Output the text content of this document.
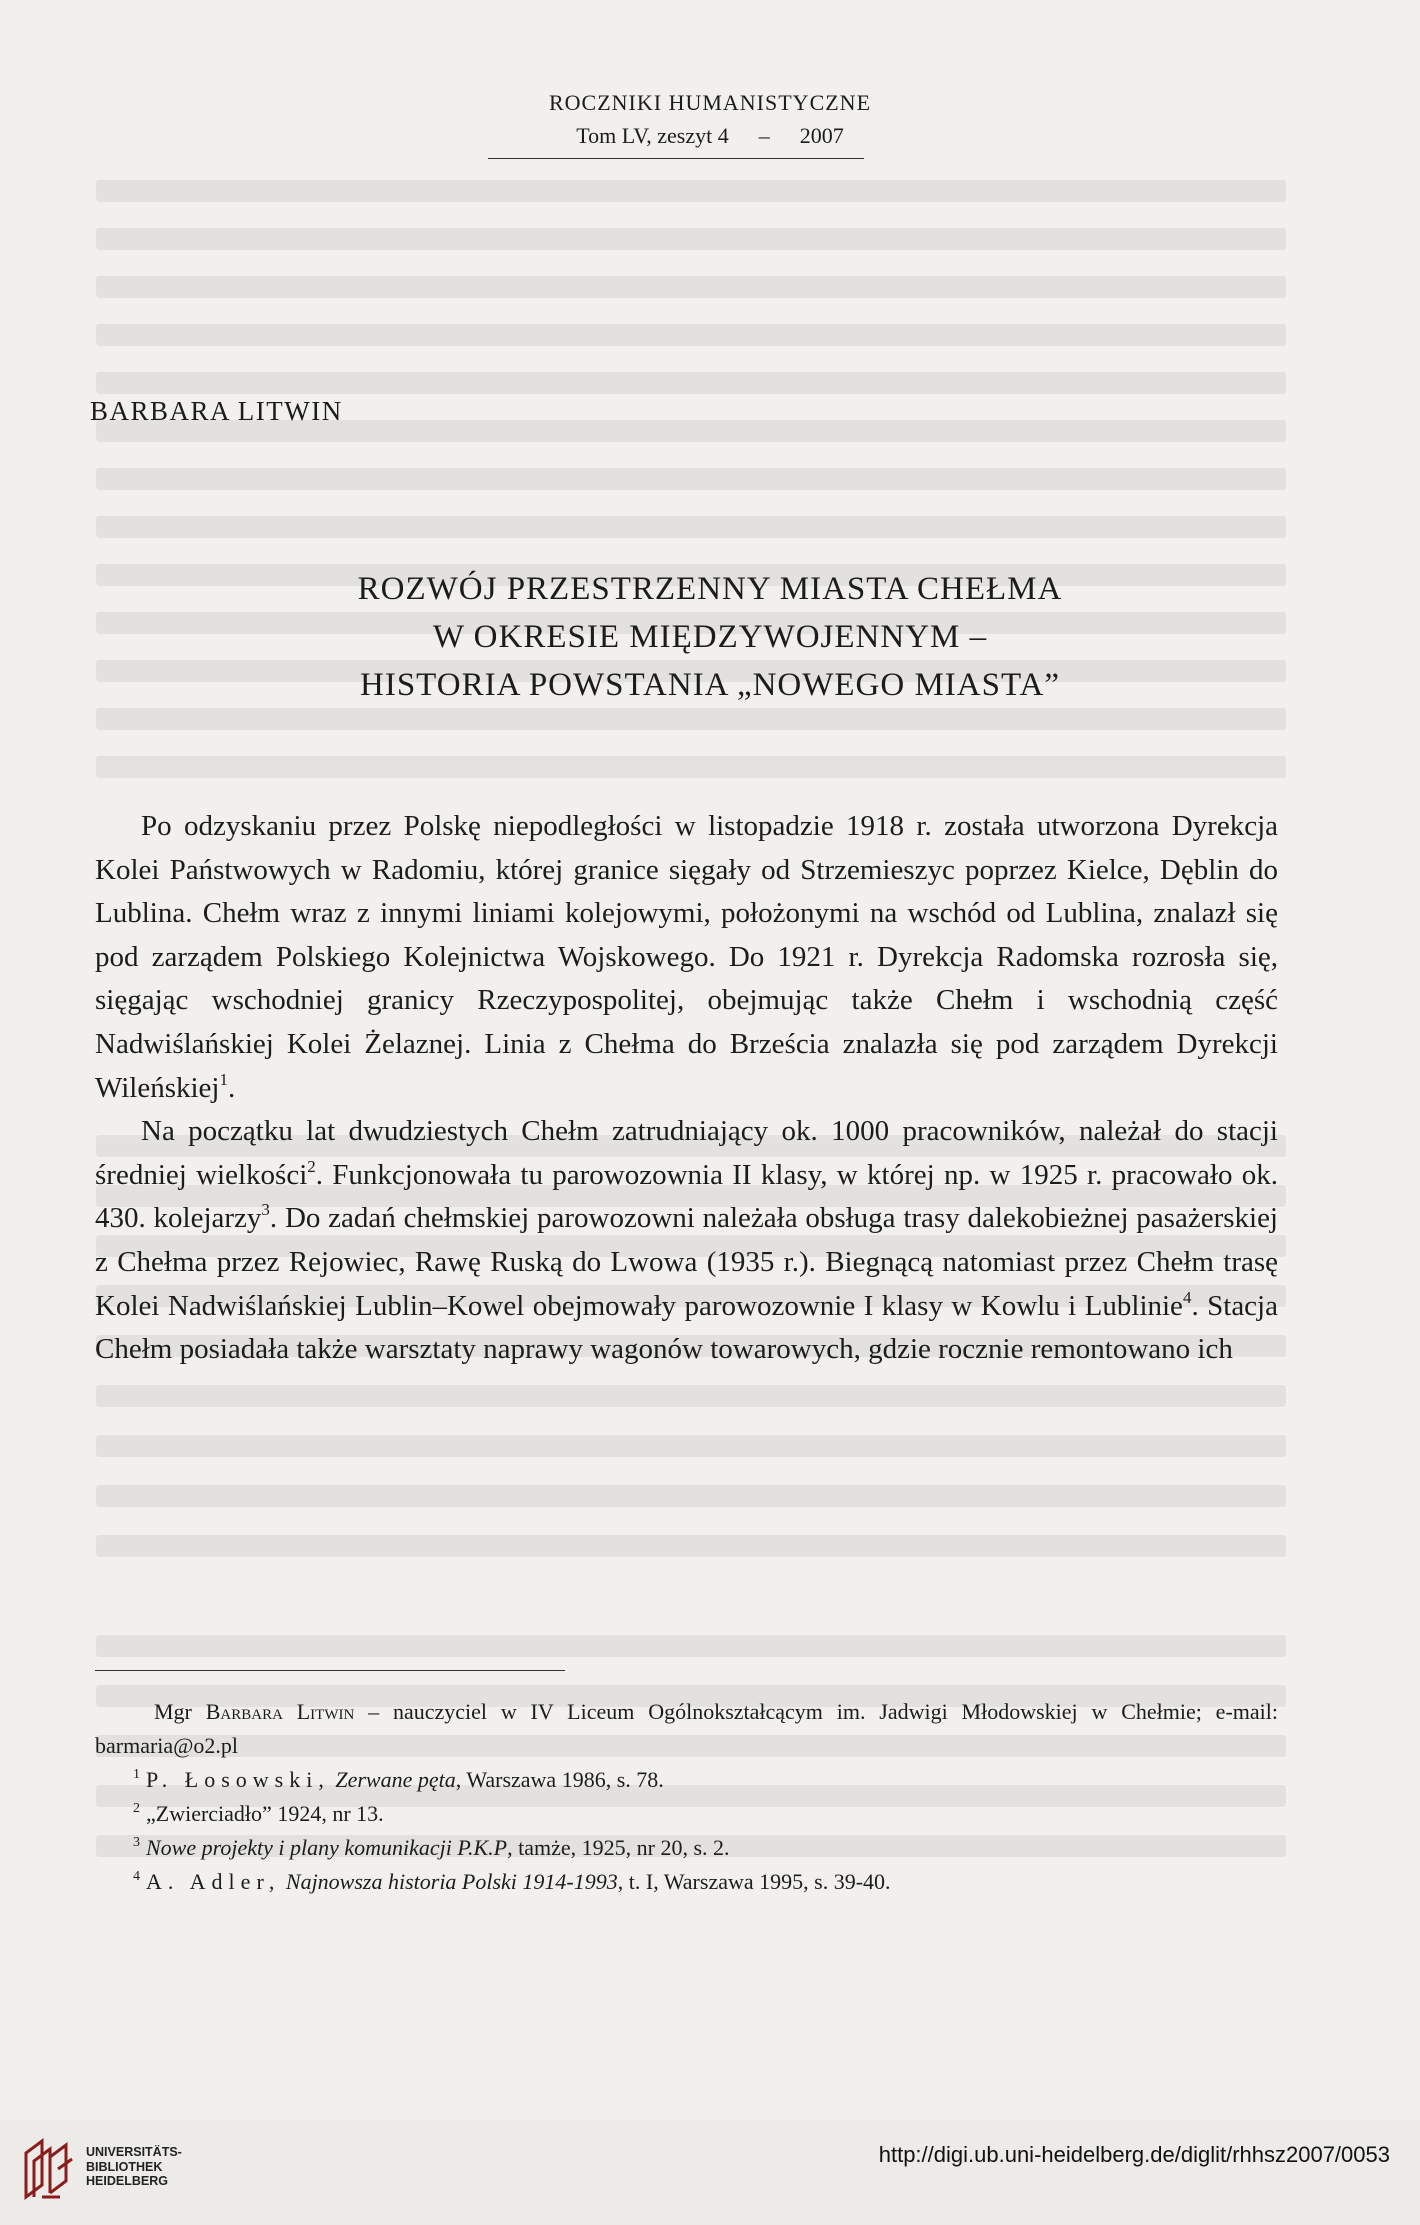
ROCZNIKI HUMANISTYCZNE
Tom LV, zeszyt 4 – 2007
BARBARA LITWIN
ROZWÓJ PRZESTRZENNY MIASTA CHEŁMA
W OKRESIE MIĘDZYWOJENNYM –
HISTORIA POWSTANIA „NOWEGO MIASTA”

Po odzyskaniu przez Polskę niepodległości w listopadzie 1918 r. została utworzona Dyrekcja Kolei Państwowych w Radomiu, której granice sięgały od Strzemieszyc poprzez Kielce, Dęblin do Lublina. Chełm wraz z innymi liniami kolejowymi, położonymi na wschód od Lublina, znalazł się pod zarządem Polskiego Kolejnictwa Wojskowego. Do 1921 r. Dyrekcja Radomska rozrosła się, sięgając wschodniej granicy Rzeczypospolitej, obejmując także Chełm i wschodnią część Nadwiślańskiej Kolei Żelaznej. Linia z Chełma do Brześcia znalazła się pod zarządem Dyrekcji Wileńskiej$^1$.

Na początku lat dwudziestych Chełm zatrudniający ok. 1000 pracowników, należał do stacji średniej wielkości$^2$. Funkcjonowała tu parowozownia II klasy, w której np. w 1925 r. pracowało ok. 430. kolejarzy$^3$. Do zadań chełmskiej parowozowni należała obsługa trasy dalekobieżnej pasażerskiej z Chełma przez Rejowiec, Rawę Ruską do Lwowa (1935 r.). Biegnącą natomiast przez Chełm trasę Kolei Nadwiślańskiej Lublin–Kowel obejmowały parowozownie I klasy w Kowlu i Lublinie$^4$. Stacja Chełm posiadała także warsztaty naprawy wagonów towarowych, gdzie rocznie remontowano ich

Mgr Barbara Litwin – nauczyciel w IV Liceum Ogólnokształcącym im. Jadwigi Młodowskiej w Chełmie; e-mail: barmaria@o2.pl
$^1$ P. Łosowski, Zerwane pęta, Warszawa 1986, s. 78.
$^2$ „Zwierciadło” 1924, nr 13.
$^3$ Nowe projekty i plany komunikacji P.K.P, tamże, 1925, nr 20, s. 2.
$^4$ A. Adler, Najnowsza historia Polski 1914-1993, t. I, Warszawa 1995, s. 39-40.
UNIVERSITÄTS-
BIBLIOTHEK
HEIDELBERG
http://digi.ub.uni-heidelberg.de/diglit/rhhsz2007/0053
